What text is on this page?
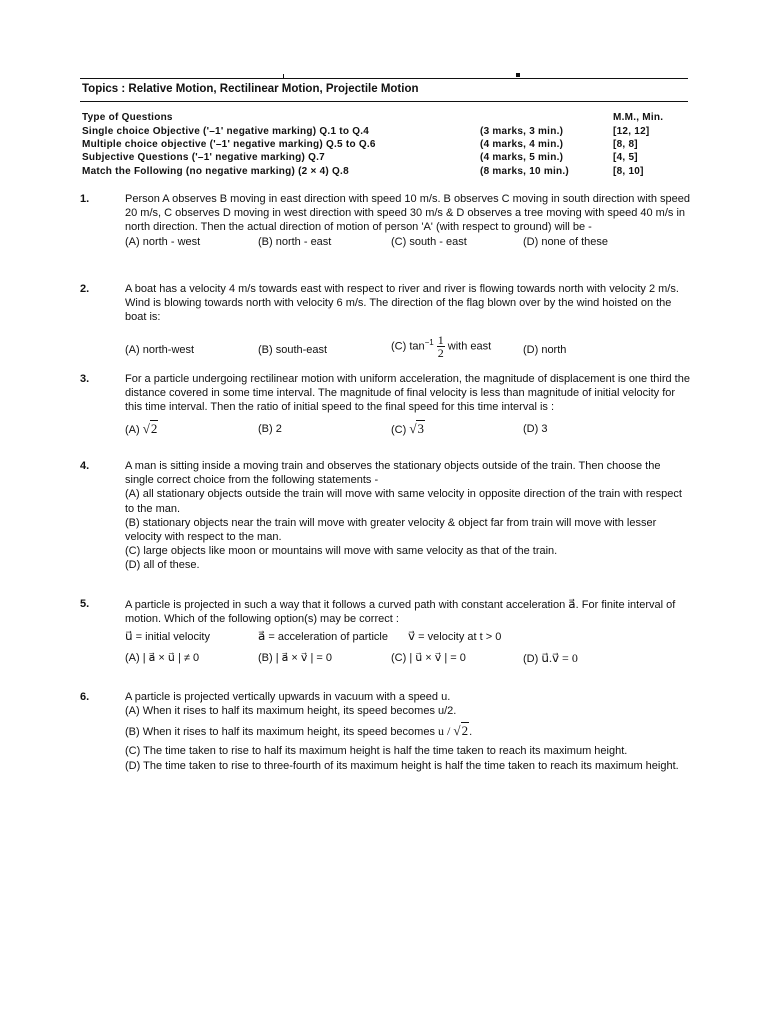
Topics : Relative Motion, Rectilinear Motion, Projectile Motion
Type of Questions	M.M., Min.
Single choice Objective ('–1' negative marking) Q.1 to Q.4	(3 marks, 3 min.)	[12, 12]
Multiple choice objective ('–1' negative marking) Q.5 to Q.6	(4 marks, 4 min.)	[8, 8]
Subjective Questions ('–1' negative marking) Q.7	(4 marks, 5 min.)	[4, 5]
Match the Following (no negative marking) (2 × 4) Q.8	(8 marks, 10 min.)	[8, 10]
1.	Person A observes B moving in east direction with speed 10 m/s. B observes C moving in south direction with speed 20 m/s, C observes D moving in west direction with speed 30 m/s & D observes a tree moving with speed 40 m/s in north direction. Then the actual direction of motion of person 'A' (with respect to ground) will be -
(A) north - west	(B) north - east	(C) south - east	(D) none of these
2.	A boat has a velocity 4 m/s towards east with respect to river and river is flowing towards north with velocity 2 m/s. Wind is blowing towards north with velocity 6 m/s. The direction of the flag blown over by the wind hoisted on the boat is:
(A) north-west	(B) south-east	(C) $\tan^{-1} \frac{1}{2}$ with east	(D) north
3.	For a particle undergoing rectilinear motion with uniform acceleration, the magnitude of displacement is one third the distance covered in some time interval. The magnitude of final velocity is less than magnitude of initial velocity for this time interval. Then the ratio of initial speed to the final speed for this time interval is :
(A) √2	(B) 2	(C) √3	(D) 3
4.	A man is sitting inside a moving train and observes the stationary objects outside of the train. Then choose the single correct choice from the following statements -
(A) all stationary objects outside the train will move with same velocity in opposite direction of the train with respect to the man.
(B) stationary objects near the train will move with greater velocity & object far from train will move with lesser velocity with respect to the man.
(C) large objects like moon or mountains will move with same velocity as that of the train.
(D) all of these.
5.	A particle is projected in such a way that it follows a curved path with constant acceleration a⃗. For finite interval of motion. Which of the following option(s) may be correct :
u⃗ = initial velocity	a⃗ = acceleration of particle v⃗ = velocity at t > 0
(A) | a⃗ × u⃗ | ≠ 0	(B) | a⃗ × v⃗ | = 0	(C) | u⃗ × v⃗ | = 0	(D) u⃗.v⃗ = 0
6.	A particle is projected vertically upwards in vacuum with a speed u.
(A) When it rises to half its maximum height, its speed becomes u/2.
(B) When it rises to half its maximum height, its speed becomes u / √2.
(C) The time taken to rise to half its maximum height is half the time taken to reach its maximum height.
(D) The time taken to rise to three-fourth of its maximum height is half the time taken to reach its maximum height.
